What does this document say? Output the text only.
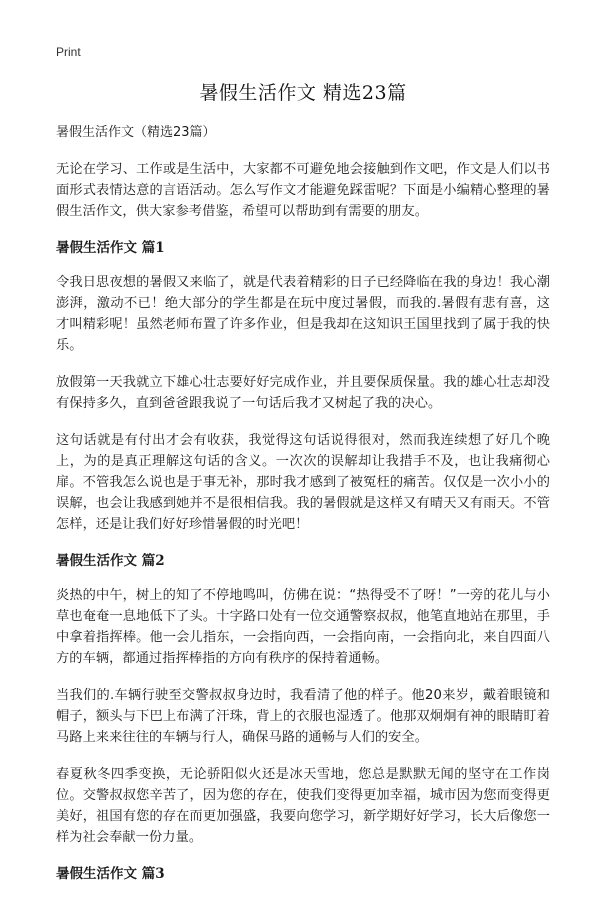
Print
暑假生活作文 精选23篇
暑假生活作文（精选23篇）

无论在学习、工作或是生活中，大家都不可避免地会接触到作文吧，作文是人们以书面形式表情达意的言语活动。怎么写作文才能避免踩雷呢？下面是小编精心整理的暑假生活作文，供大家参考借鉴，希望可以帮助到有需要的朋友。

暑假生活作文 篇1

令我日思夜想的暑假又来临了，就是代表着精彩的日子已经降临在我的身边！我心潮澎湃，激动不已！绝大部分的学生都是在玩中度过暑假，而我的.暑假有悲有喜，这才叫精彩呢！虽然老师布置了许多作业，但是我却在这知识王国里找到了属于我的快乐。

放假第一天我就立下雄心壮志要好好完成作业，并且要保质保量。我的雄心壮志却没有保持多久，直到爸爸跟我说了一句话后我才又树起了我的决心。

这句话就是有付出才会有收获，我觉得这句话说得很对，然而我连续想了好几个晚上，为的是真正理解这句话的含义。一次次的误解却让我措手不及，也让我痛彻心扉。不管我怎么说也是于事无补，那时我才感到了被冤枉的痛苦。仅仅是一次小小的误解，也会让我感到她并不是很相信我。我的暑假就是这样又有晴天又有雨天。不管怎样，还是让我们好好珍惜暑假的时光吧！

暑假生活作文 篇2

炎热的中午，树上的知了不停地鸣叫，仿佛在说：“热得受不了呀！”一旁的花儿与小草也奄奄一息地低下了头。十字路口处有一位交通警察叔叔，他笔直地站在那里，手中拿着指挥棒。他一会儿指东，一会指向西，一会指向南，一会指向北，来自四面八方的车辆，都通过指挥棒指的方向有秩序的保持着通畅。

当我们的.车辆行驶至交警叔叔身边时，我看清了他的样子。他20来岁，戴着眼镜和帽子，额头与下巴上布满了汗珠，背上的衣服也湿透了。他那双炯炯有神的眼睛盯着马路上来来往往的车辆与行人，确保马路的通畅与人们的安全。

春夏秋冬四季变换，无论骄阳似火还是冰天雪地，您总是默默无闻的坚守在工作岗位。交警叔叔您辛苦了，因为您的存在，使我们变得更加幸福，城市因为您而变得更美好，祖国有您的存在而更加强盛，我要向您学习，新学期好好学习，长大后像您一样为社会奉献一份力量。

暑假生活作文 篇3
